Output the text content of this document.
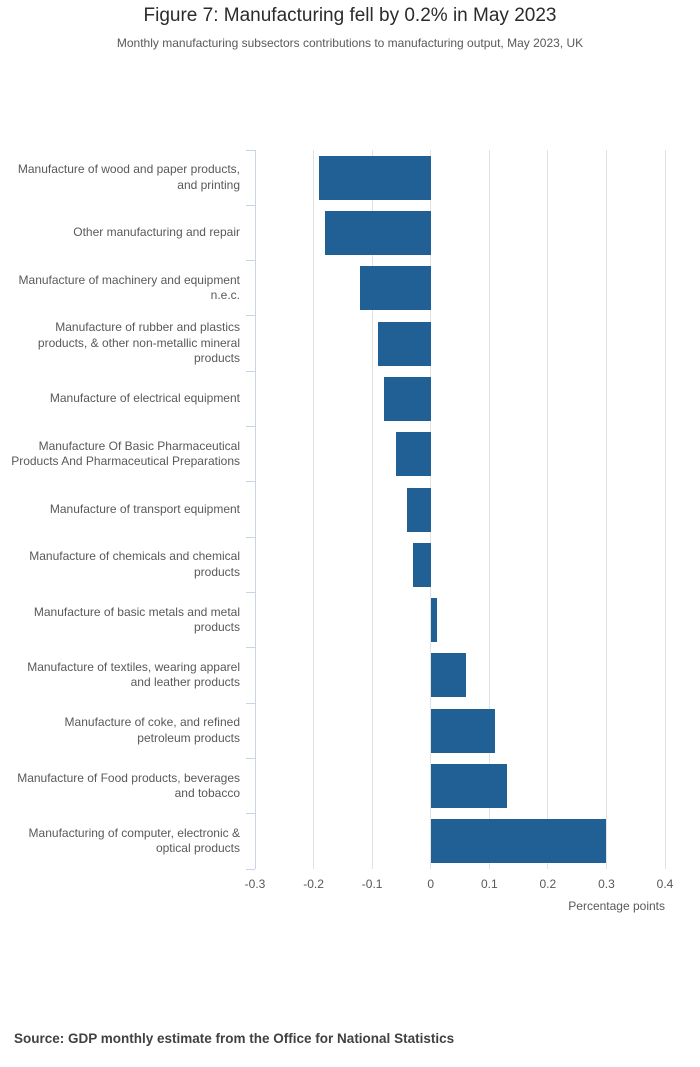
Figure 7: Manufacturing fell by 0.2% in May 2023

Monthly manufacturing subsectors contributions to manufacturing output, May 2023, UK

Manufacture of wood and paper products, and printing
Other manufacturing and repair
Manufacture of machinery and equipment n.e.c.
Manufacture of rubber and plastics products, & other non-metallic mineral products
Manufacture of electrical equipment
Manufacture Of Basic Pharmaceutical Products And Pharmaceutical Preparations
Manufacture of transport equipment
Manufacture of chemicals and chemical products
Manufacture of basic metals and metal products
Manufacture of textiles, wearing apparel and leather products
Manufacture of coke, and refined petroleum products
Manufacture of Food products, beverages and tobacco
Manufacturing of computer, electronic & optical products
-0.3	-0.2	-0.1	0	0.1	0.2	0.3	0.4
Percentage points

Source: GDP monthly estimate from the Office for National Statistics
